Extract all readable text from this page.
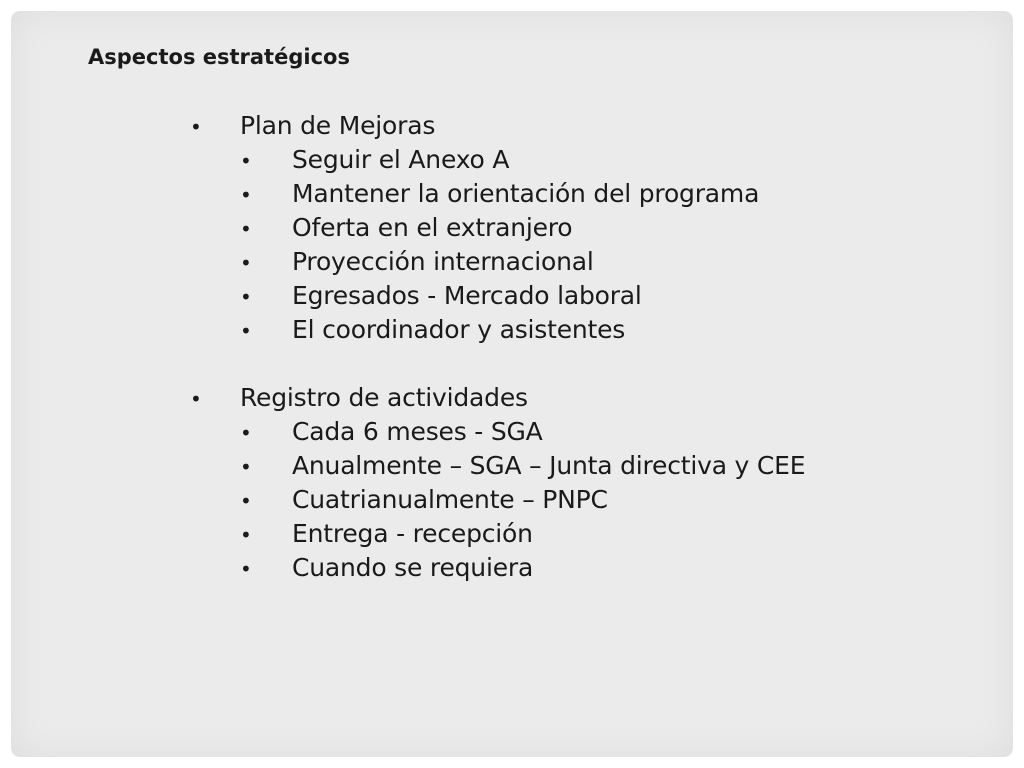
Aspectos estratégicos
• Plan de Mejoras
• Seguir el Anexo A
• Mantener la orientación del programa
• Oferta en el extranjero
• Proyección internacional
• Egresados - Mercado laboral
• El coordinador y asistentes
• Registro de actividades
• Cada 6 meses - SGA
• Anualmente – SGA – Junta directiva y CEE
• Cuatrianualmente – PNPC
• Entrega - recepción
• Cuando se requiera
